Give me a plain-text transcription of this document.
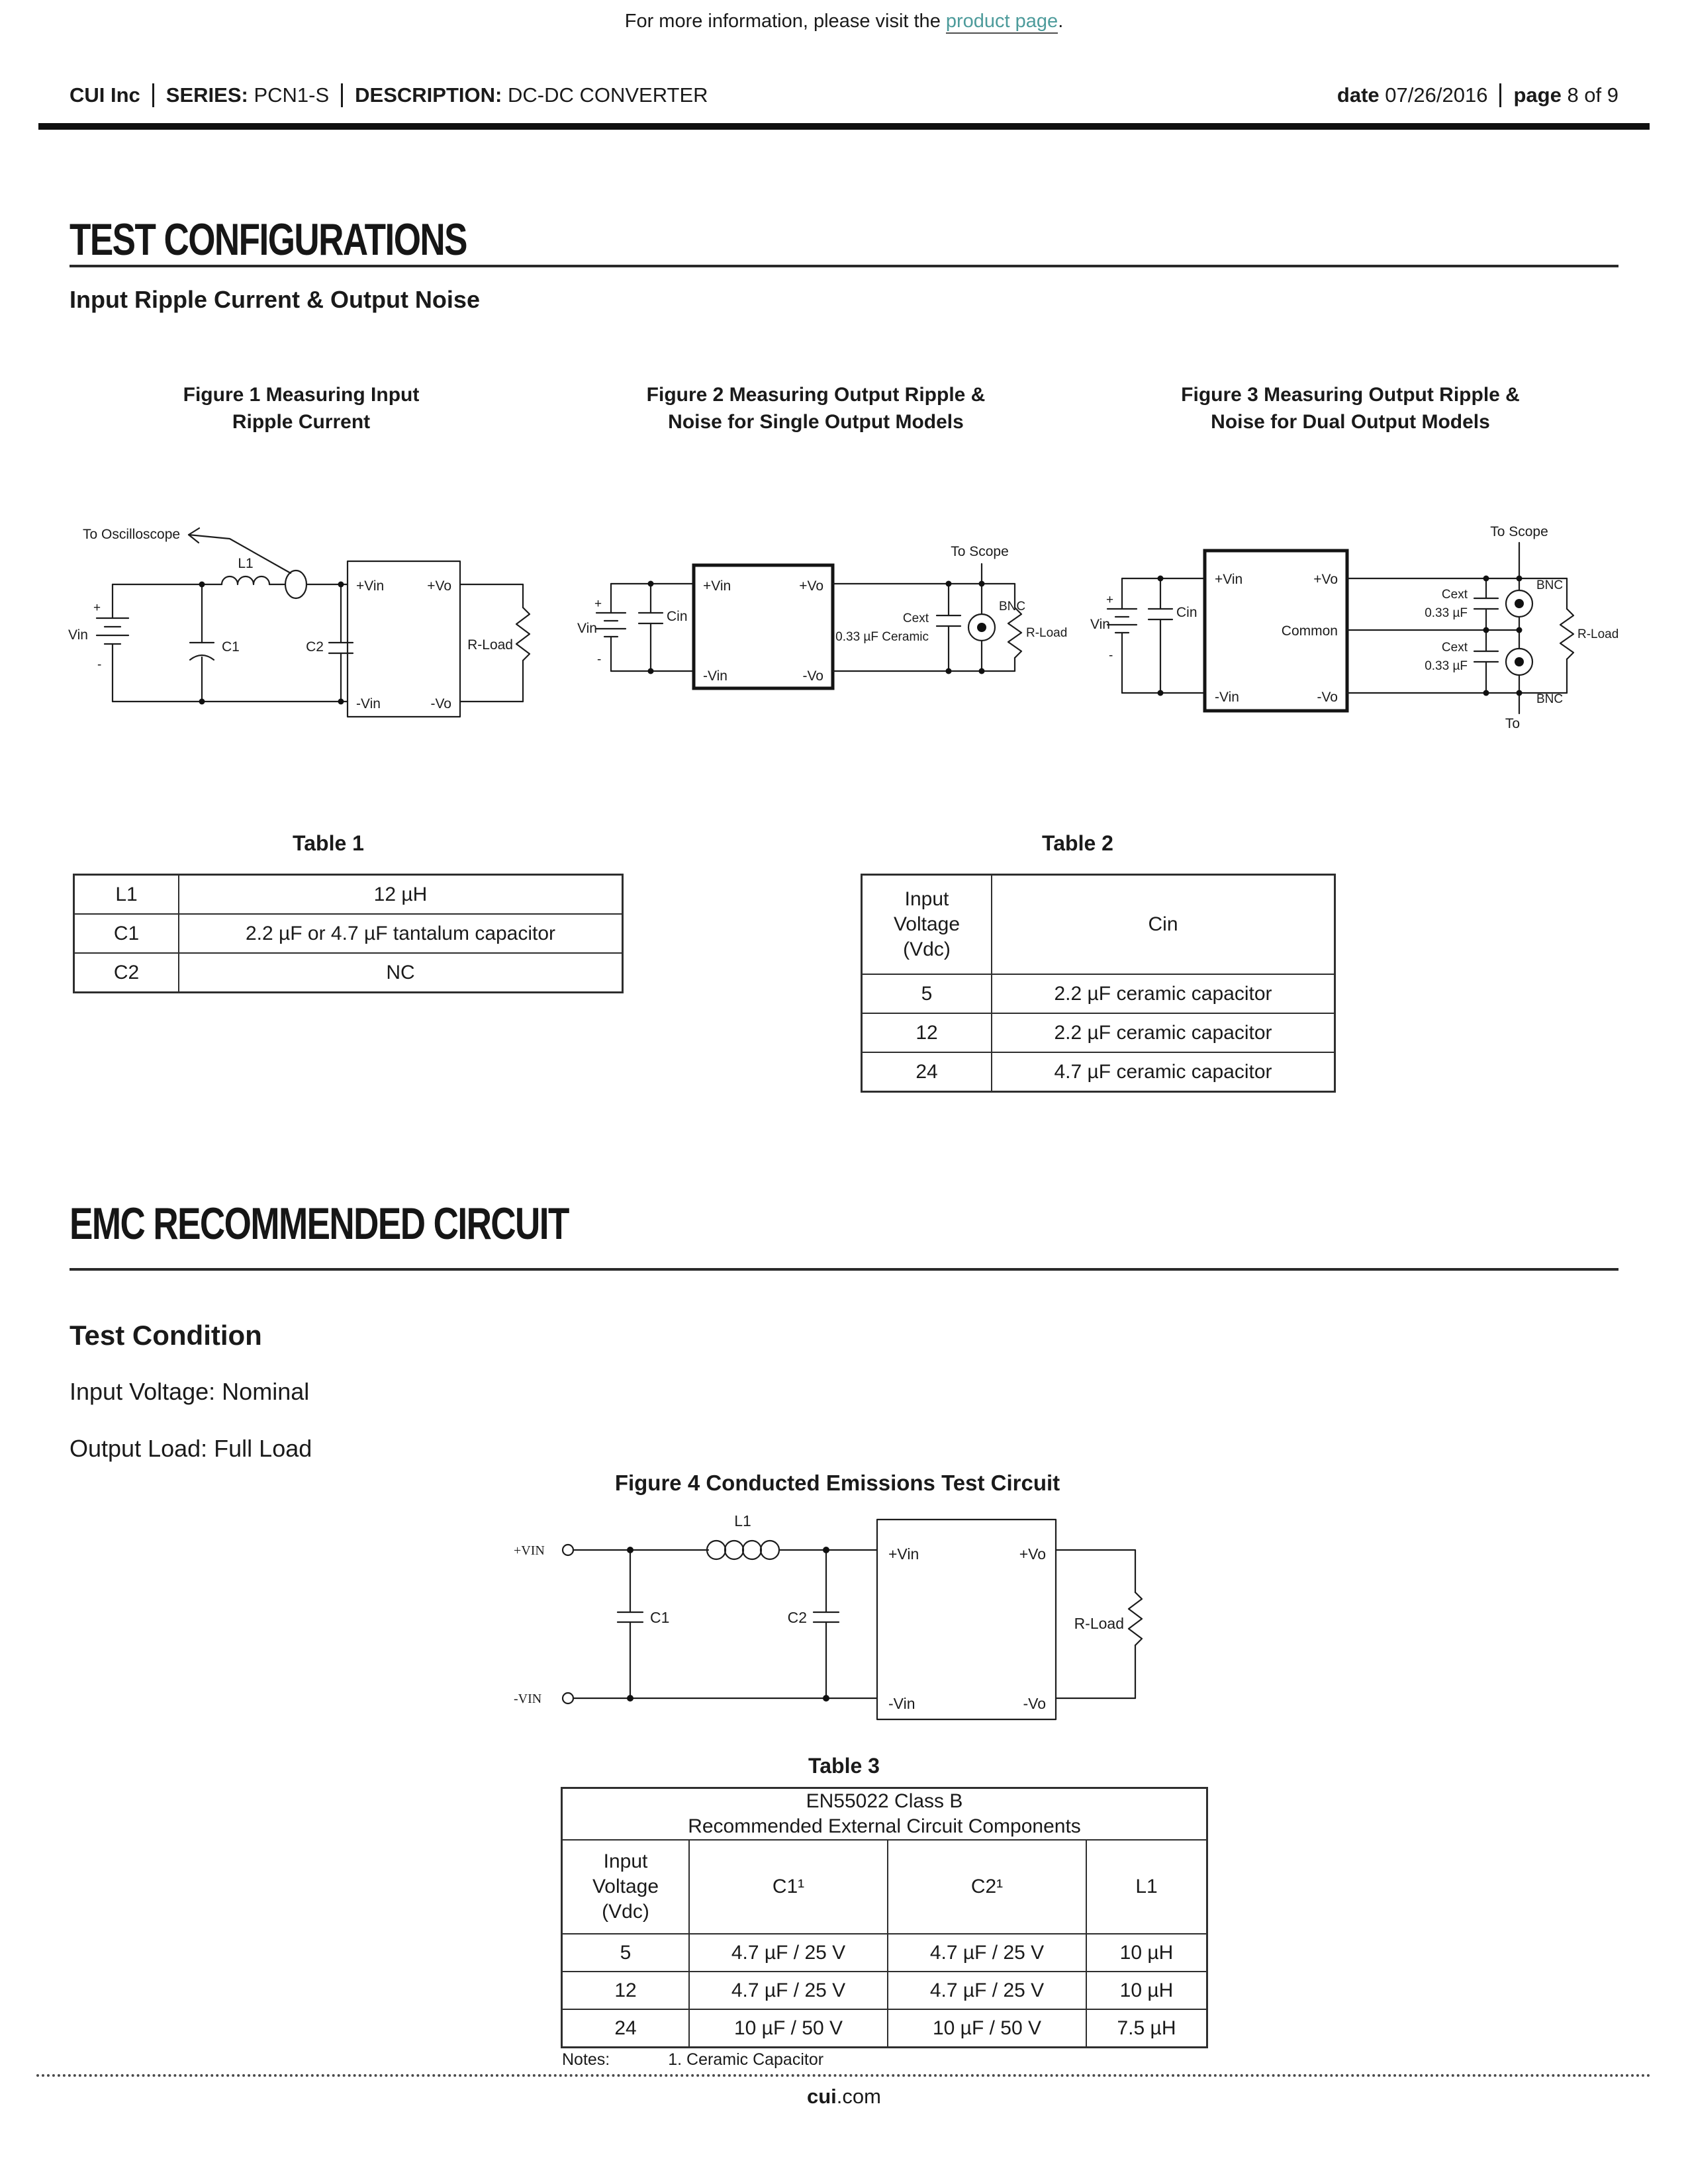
For more information, please visit the product page.
CUI Inc SERIES:
PCN1-S DESCRIPTION:
DC-DC CONVERTER	date
07/26/2016 page
8 of 9
TEST CONFIGURATIONS
Input Ripple Current & Output Noise
Figure 1 Measuring Input
Ripple Current
Figure 2 Measuring Output Ripple &
Noise for Single Output Models
Figure 3 Measuring Output Ripple &
Noise for Dual Output Models
To Oscilloscope
Vin
+
-
L1
C1	C2
+Vin	+Vo
-Vin	-Vo
R-Load
Vin
+
-
Cin
+Vin	+Vo
-Vin	-Vo
To Scope
Cext
0.33 µF Ceramic
BNC
R-Load
Vin
+
-
Cin
+Vin	+Vo
Common
-Vin	-Vo
To Scope
Cext
0.33 µF
BNC
Cext
0.33 µF
BNC
To
R-Load
Table 1
L1	12 µH
C1	2.2 µF or 4.7 µF tantalum capacitor
C2	NC
Table 2
Input Voltage (Vdc)	Cin
5	2.2 µF ceramic capacitor
12	2.2 µF ceramic capacitor
24	4.7 µF ceramic capacitor
EMC RECOMMENDED CIRCUIT
Test Condition
Input Voltage: Nominal
Output Load: Full Load
Figure 4 Conducted Emissions Test Circuit
+VIN
L1
C1	C2
+Vin	+Vo
-Vin	-Vo
-VIN
R-Load
Table 3
EN55022 Class B
Recommended External Circuit Components			

Input Voltage (Vdc)	C1¹	C2¹	L1
5	4.7 µF / 25 V	4.7 µF / 25 V	10 µH
12	4.7 µF / 25 V	4.7 µF / 25 V	10 µH
24	10 µF / 50 V	10 µF / 50 V	7.5 µH
Notes:	1. Ceramic Capacitor
cui.com
